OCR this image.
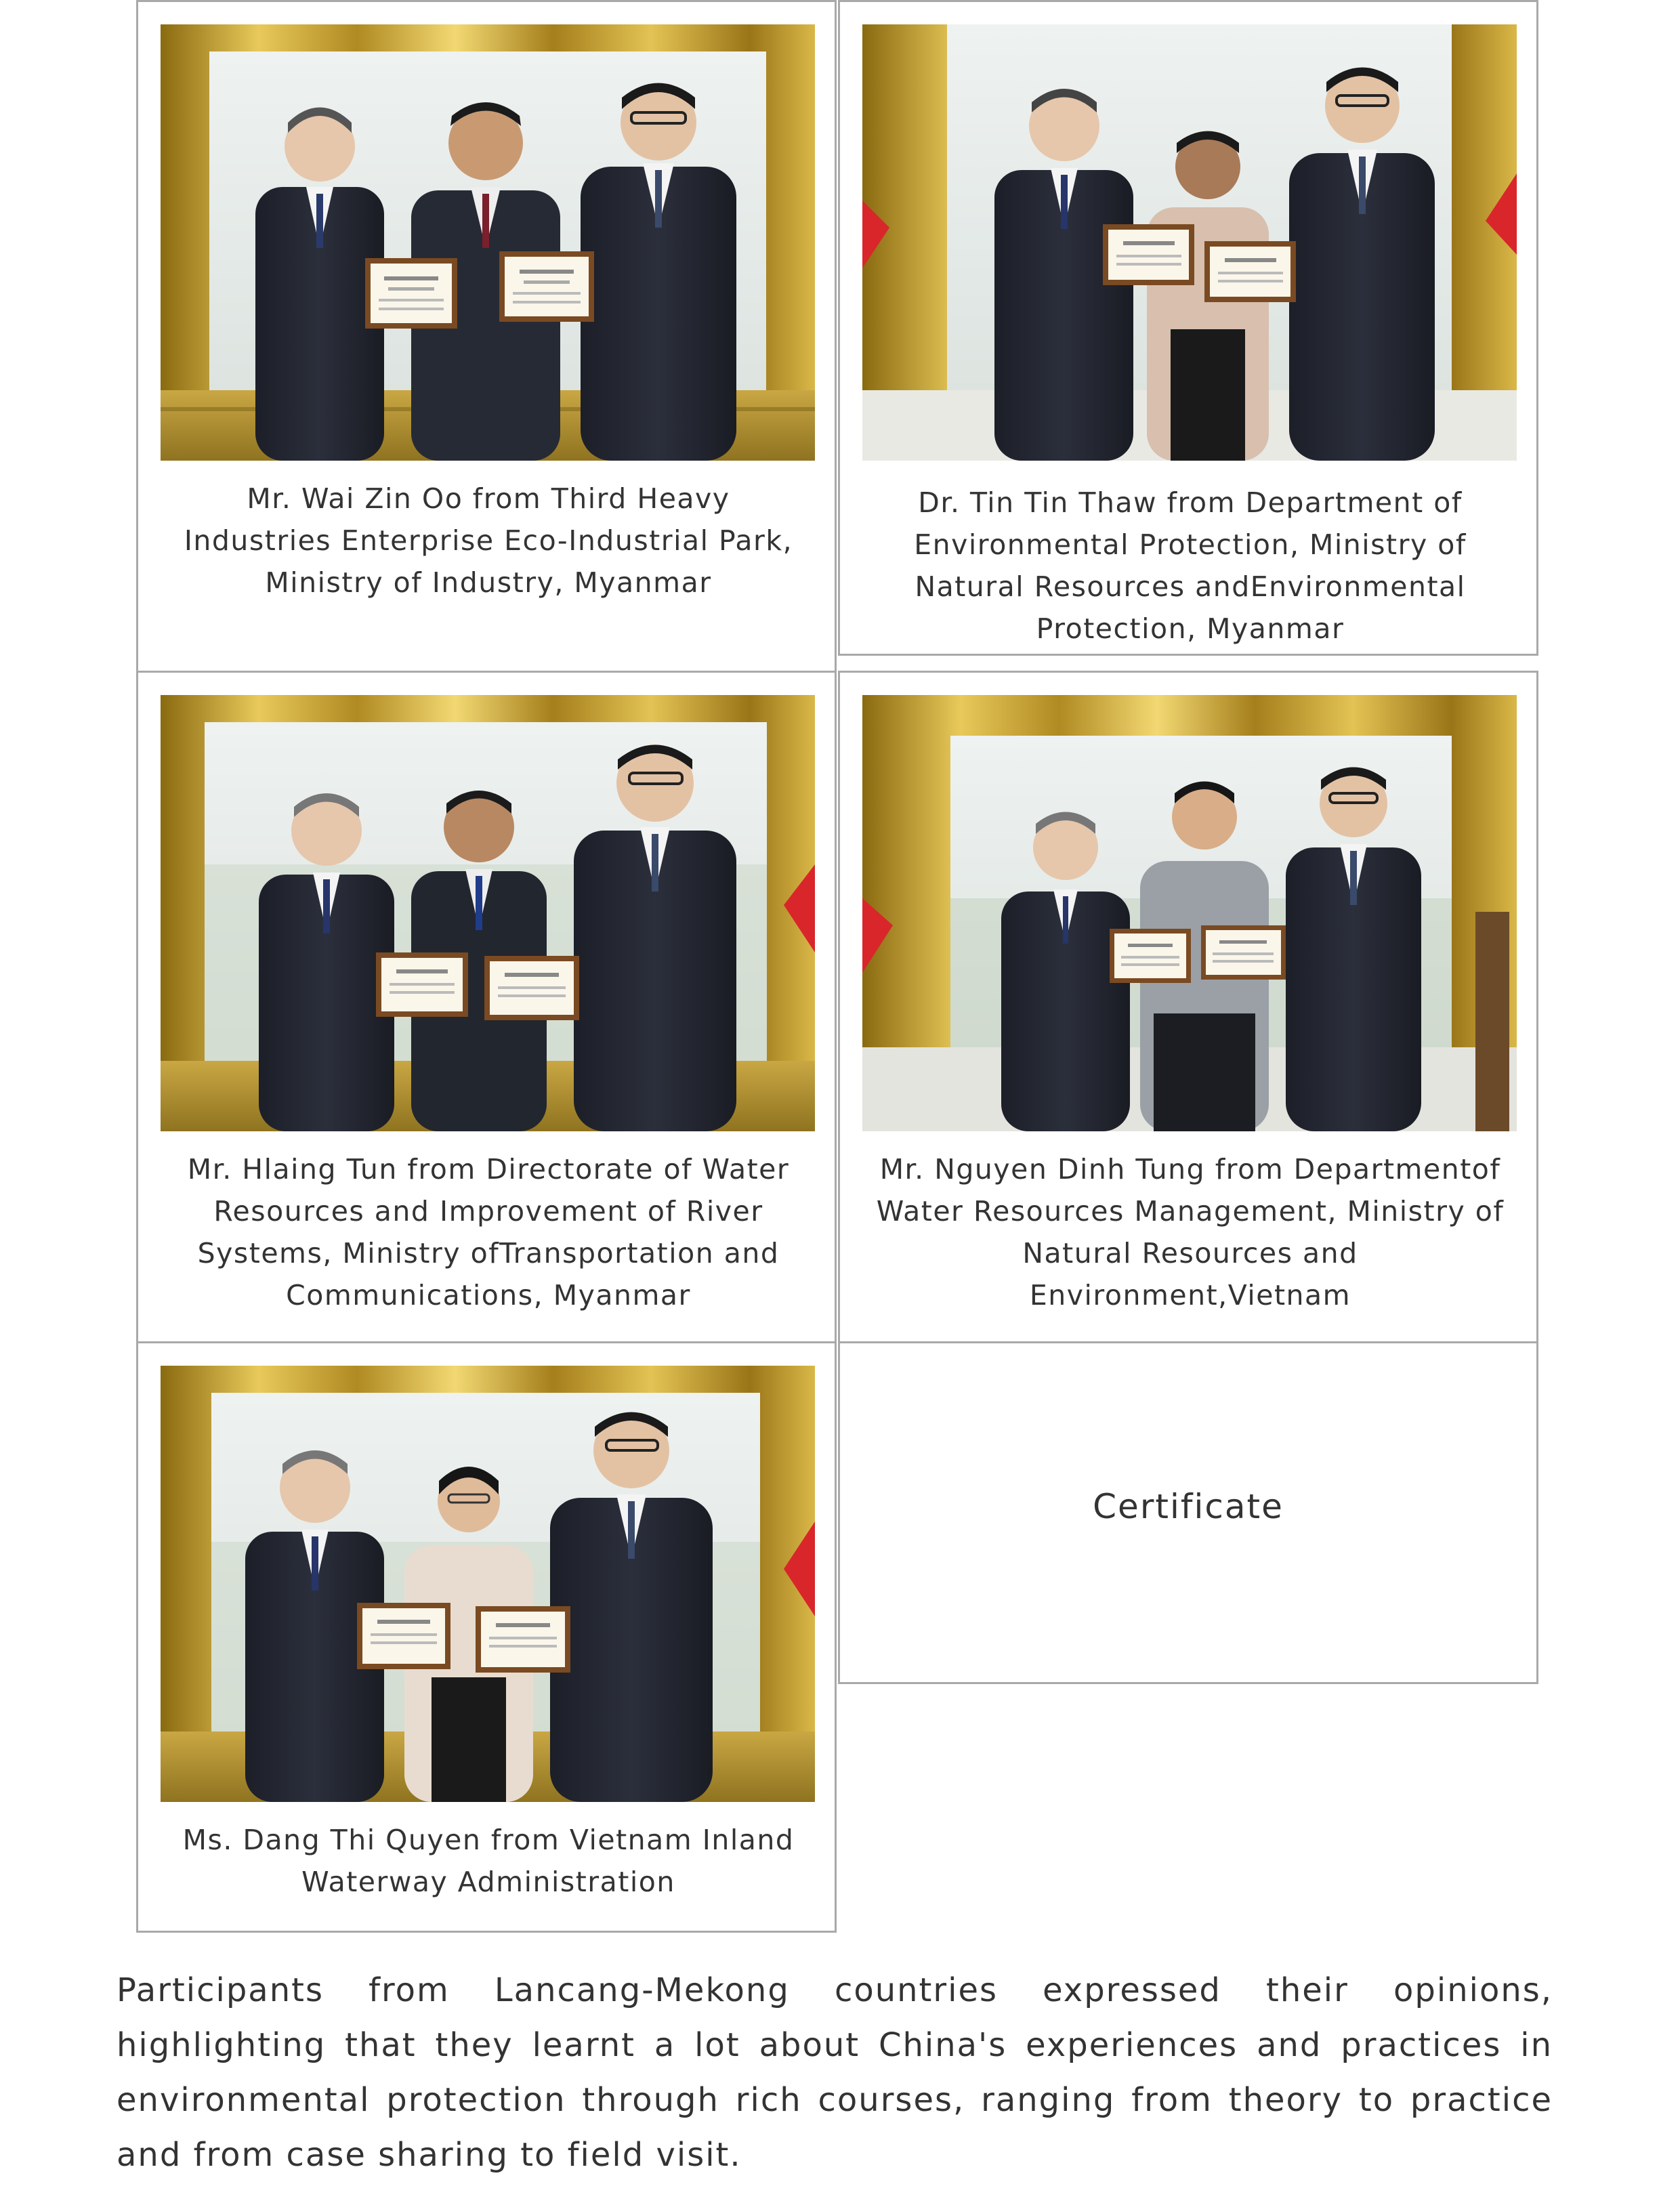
Mr. Wai Zin Oo from Third Heavy Industries Enterprise Eco-Industrial Park, Ministry of Industry, Myanmar
Dr. Tin Tin Thaw from Department of Environmental Protection, Ministry of Natural Resources andEnvironmental Protection, Myanmar
Mr. Hlaing Tun from Directorate of Water Resources and Improvement of River Systems, Ministry ofTransportation and Communications, Myanmar
Mr. Nguyen Dinh Tung from Departmentof Water Resources Management, Ministry of Natural Resources and Environment,Vietnam
Ms. Dang Thi Quyen from Vietnam Inland Waterway Administration
Certificate
Participants from Lancang-Mekong countries expressed their opinions, highlighting that they learnt a lot about China's experiences and practices in environmental protection through rich courses, ranging from theory to practice and from case sharing to field visit.
